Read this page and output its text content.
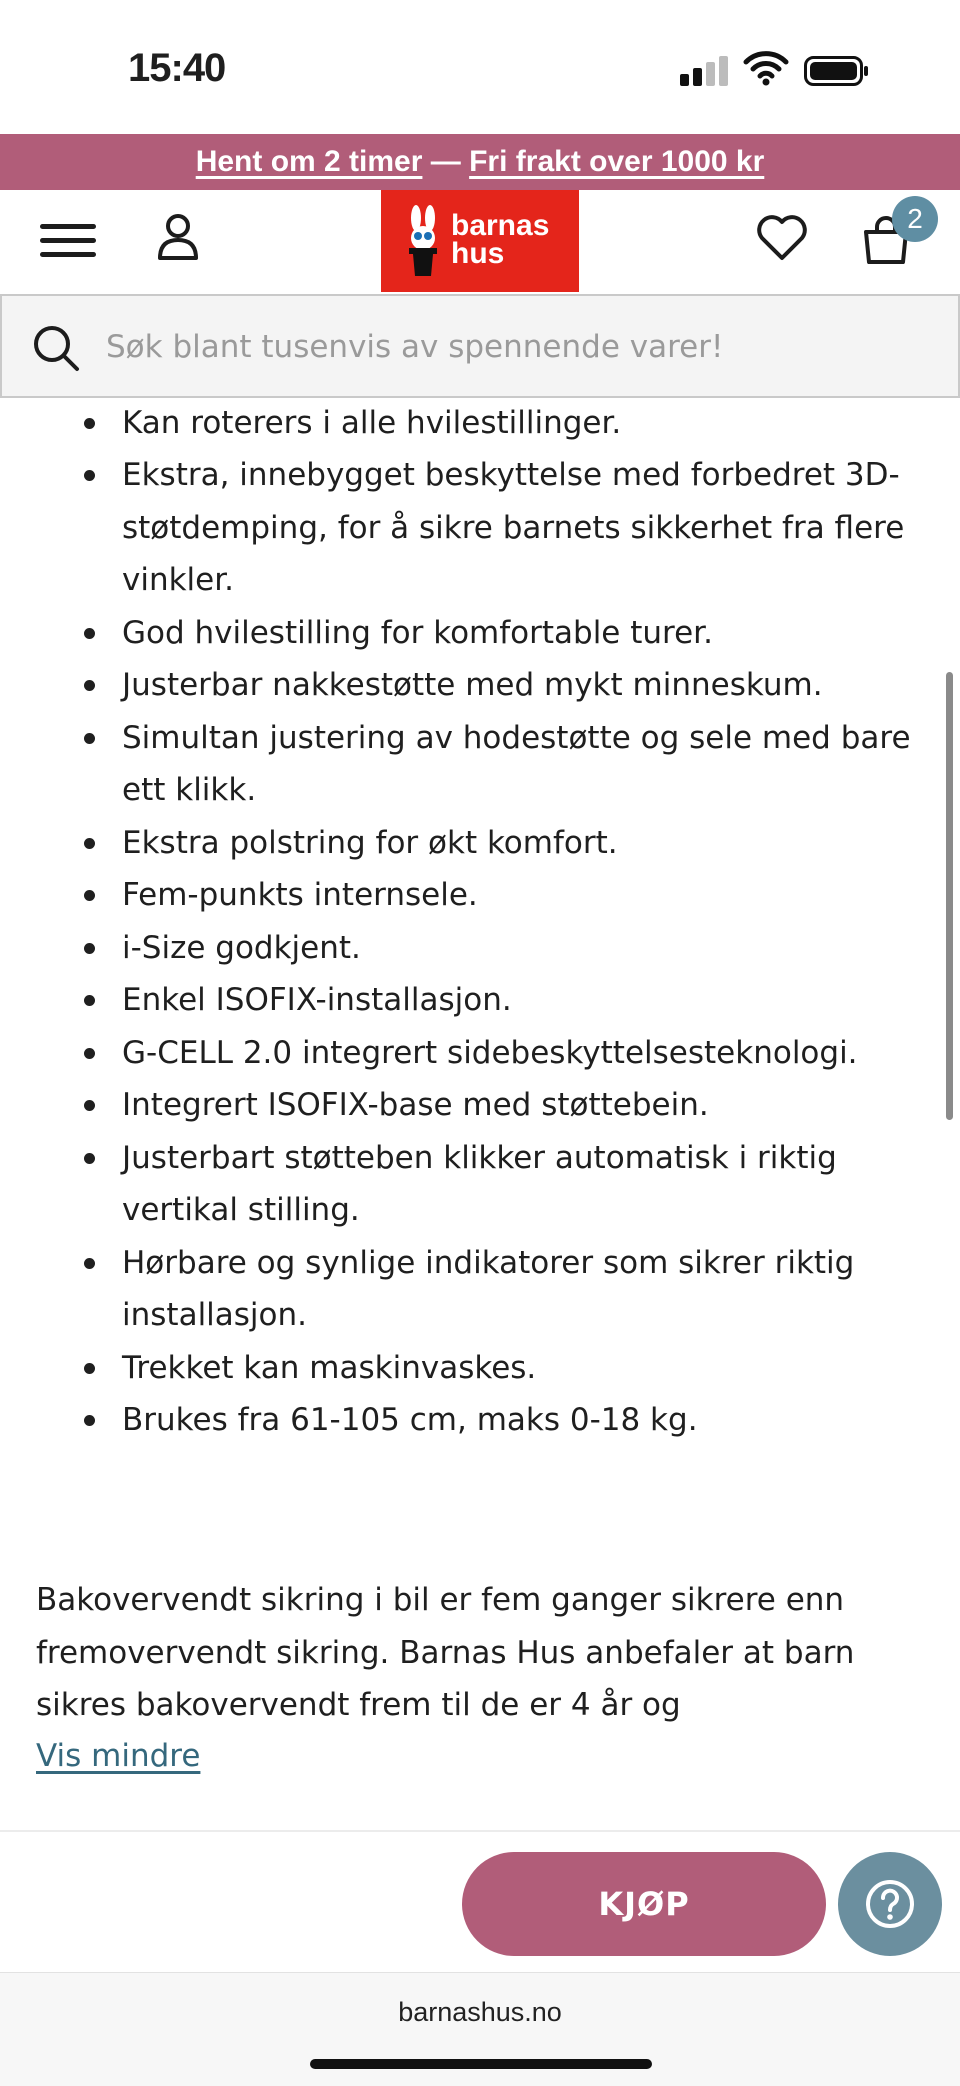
15:40
Hent om 2 timer — Fri frakt over 1000 kr
barnas
hus
2
Søk blant tusenvis av spennende varer!
Kan roterers i alle hvilestillinger.
Ekstra, innebygget beskyttelse med forbedret 3D-støtdemping, for å sikre barnets sikkerhet fra flere vinkler.
God hvilestilling for komfortable turer.
Justerbar nakkestøtte med mykt minneskum.
Simultan justering av hodestøtte og sele med bare ett klikk.
Ekstra polstring for økt komfort.
Fem-punkts internsele.
i-Size godkjent.
Enkel ISOFIX-installasjon.
G-CELL 2.0 integrert sidebeskyttelsesteknologi.
Integrert ISOFIX-base med støttebein.
Justerbart støtteben klikker automatisk i riktig vertikal stilling.
Hørbare og synlige indikatorer som sikrer riktig installasjon.
Trekket kan maskinvaskes.
Brukes fra 61-105 cm, maks 0-18 kg.

Bakovervendt sikring i bil er fem ganger sikrere enn fremovervendt sikring. Barnas Hus anbefaler at barn sikres bakovervendt frem til de er 4 år og

Vis mindre
KJØP
barnashus.no
